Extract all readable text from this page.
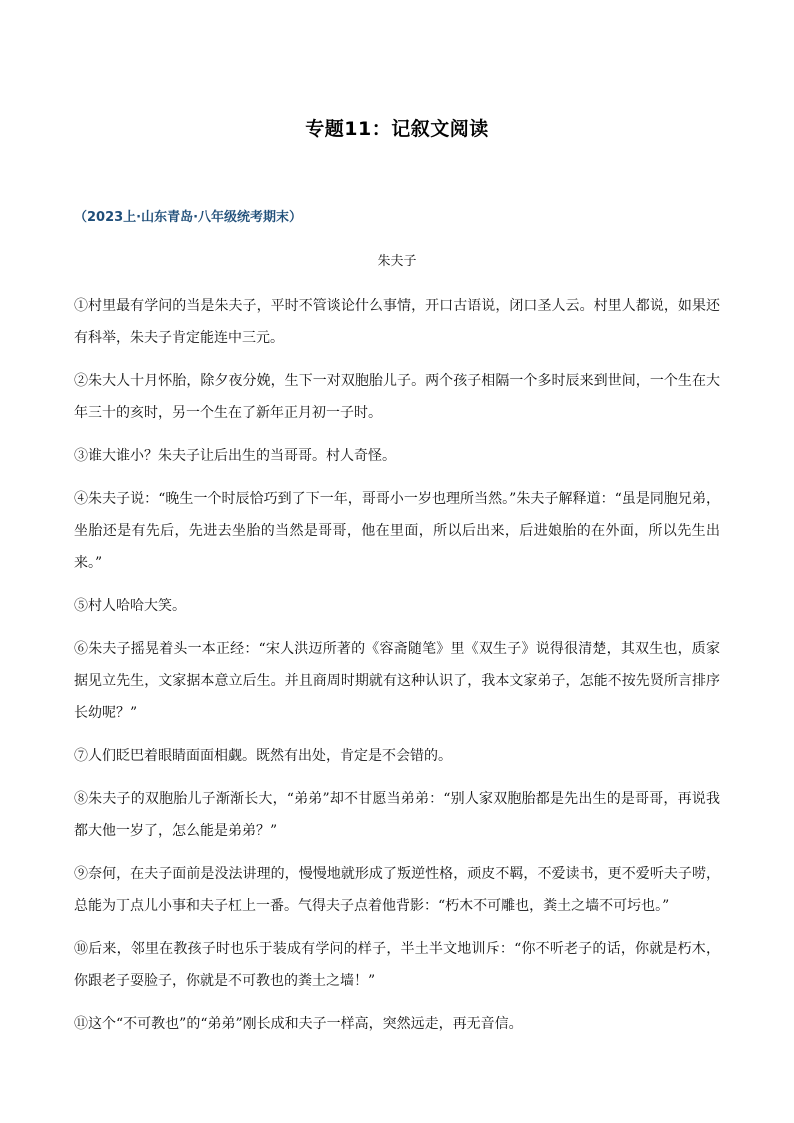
专题11：记叙文阅读
（2023上·山东青岛·八年级统考期末）
朱夫子

①村里最有学问的当是朱夫子，平时不管谈论什么事情，开口古语说，闭口圣人云。村里人都说，如果还有科举，朱夫子肯定能连中三元。

②朱大人十月怀胎，除夕夜分娩，生下一对双胞胎儿子。两个孩子相隔一个多时辰来到世间，一个生在大年三十的亥时，另一个生在了新年正月初一子时。

③谁大谁小？朱夫子让后出生的当哥哥。村人奇怪。

④朱夫子说：“晚生一个时辰恰巧到了下一年，哥哥小一岁也理所当然。”朱夫子解释道：“虽是同胞兄弟，坐胎还是有先后，先进去坐胎的当然是哥哥，他在里面，所以后出来，后进娘胎的在外面，所以先生出来。”

⑤村人哈哈大笑。

⑥朱夫子摇晃着头一本正经：“宋人洪迈所著的《容斋随笔》里《双生子》说得很清楚，其双生也，质家据见立先生，文家据本意立后生。并且商周时期就有这种认识了，我本文家弟子，怎能不按先贤所言排序长幼呢？”

⑦人们眨巴着眼睛面面相觑。既然有出处，肯定是不会错的。

⑧朱夫子的双胞胎儿子渐渐长大，“弟弟”却不甘愿当弟弟：“别人家双胞胎都是先出生的是哥哥，再说我都大他一岁了，怎么能是弟弟？”

⑨奈何，在夫子面前是没法讲理的，慢慢地就形成了叛逆性格，顽皮不羁，不爱读书，更不爱听夫子唠，总能为丁点儿小事和夫子杠上一番。气得夫子点着他背影：“朽木不可雕也，粪土之墙不可圬也。”

⑩后来，邻里在教孩子时也乐于装成有学问的样子，半土半文地训斥：“你不听老子的话，你就是朽木，你跟老子耍脸子，你就是不可教也的粪土之墙！”

⑪这个“不可教也”的“弟弟”刚长成和夫子一样高，突然远走，再无音信。
